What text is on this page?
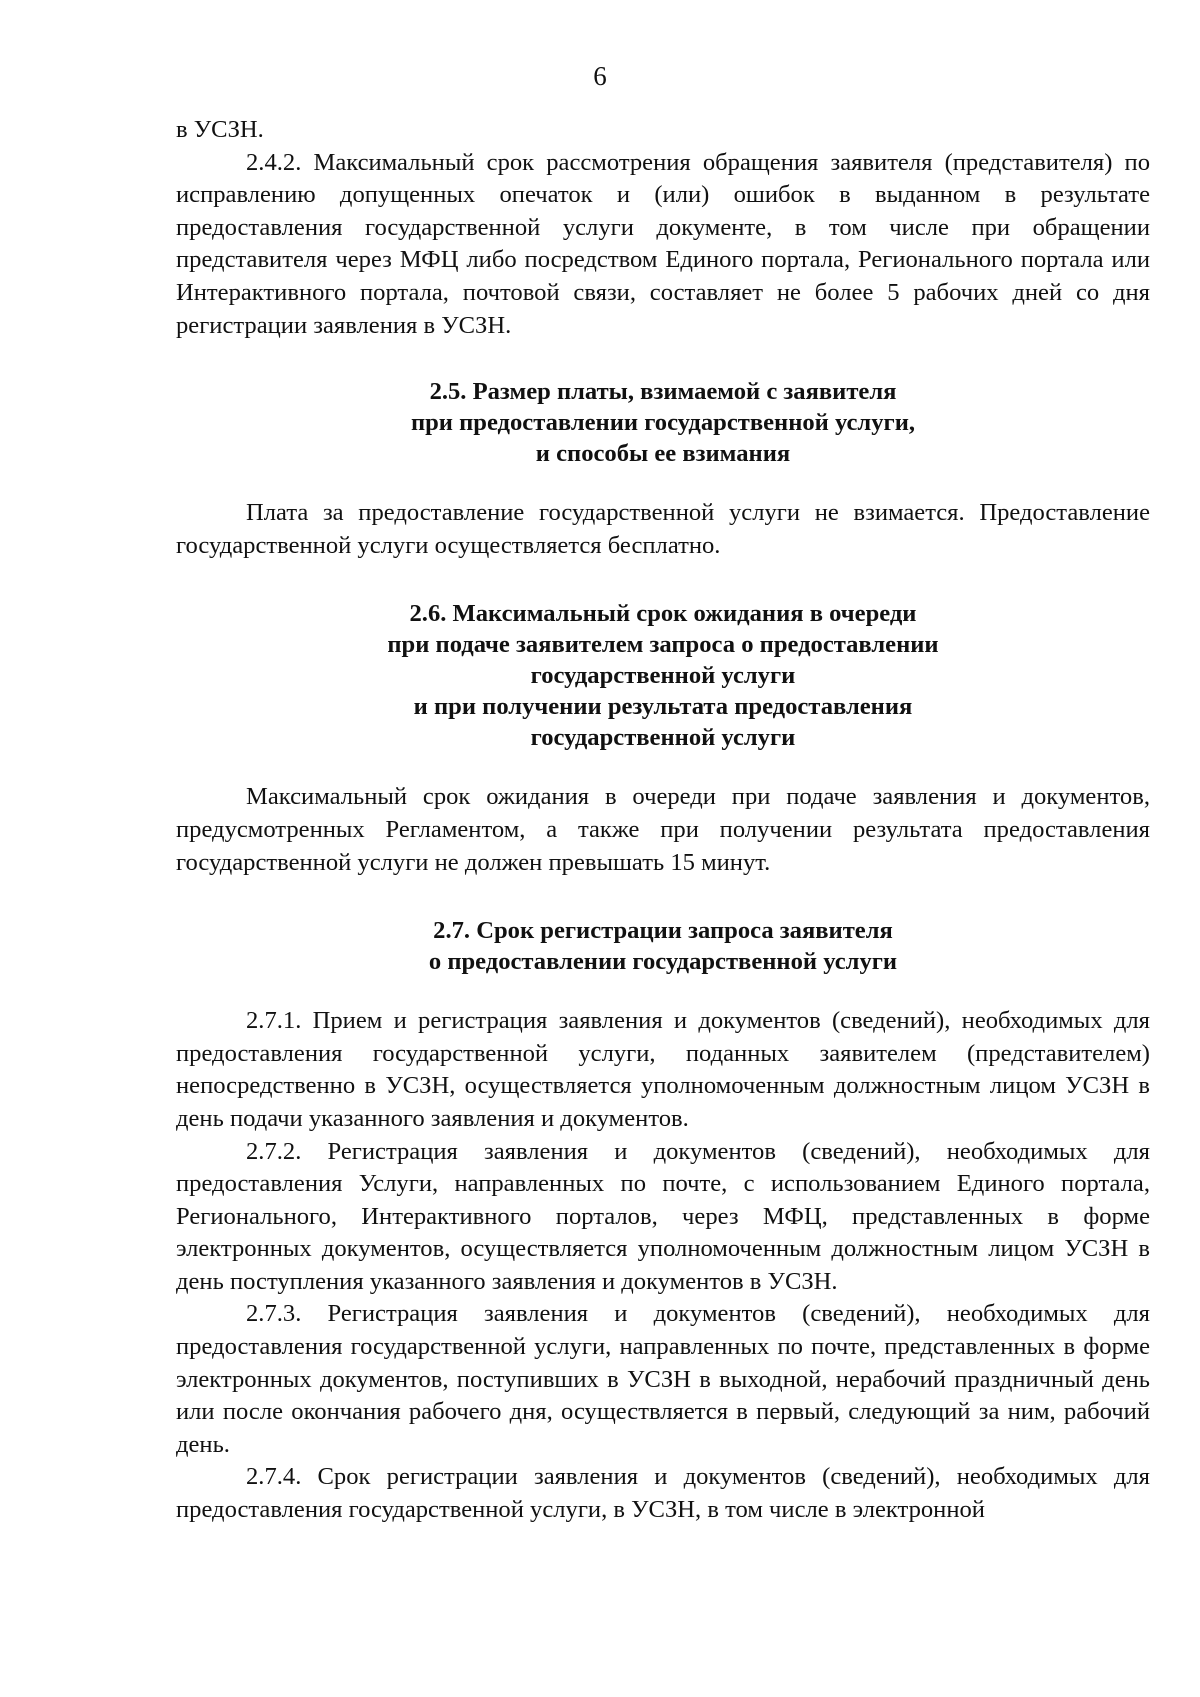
6

в УСЗН.

2.4.2. Максимальный срок рассмотрения обращения заявителя (представителя) по исправлению допущенных опечаток и (или) ошибок в выданном в результате предоставления государственной услуги документе, в том числе при обращении представителя через МФЦ либо посредством Единого портала, Регионального портала или Интерактивного портала, почтовой связи, составляет не более 5 рабочих дней со дня регистрации заявления в УСЗН.

2.5. Размер платы, взимаемой с заявителя
при предоставлении государственной услуги,
и способы ее взимания

Плата за предоставление государственной услуги не взимается. Предоставление государственной услуги осуществляется бесплатно.

2.6. Максимальный срок ожидания в очереди
при подаче заявителем запроса о предоставлении
государственной услуги
и при получении результата предоставления
государственной услуги

Максимальный срок ожидания в очереди при подаче заявления и документов, предусмотренных Регламентом, а также при получении результата предоставления государственной услуги не должен превышать 15 минут.

2.7. Срок регистрации запроса заявителя
о предоставлении государственной услуги

2.7.1. Прием и регистрация заявления и документов (сведений), необходимых для предоставления государственной услуги, поданных заявителем (представителем) непосредственно в УСЗН, осуществляется уполномоченным должностным лицом УСЗН в день подачи указанного заявления и документов.

2.7.2. Регистрация заявления и документов (сведений), необходимых для предоставления Услуги, направленных по почте, с использованием Единого портала, Регионального, Интерактивного порталов, через МФЦ, представленных в форме электронных документов, осуществляется уполномоченным должностным лицом УСЗН в день поступления указанного заявления и документов в УСЗН.

2.7.3. Регистрация заявления и документов (сведений), необходимых для предоставления государственной услуги, направленных по почте, представленных в форме электронных документов, поступивших в УСЗН в выходной, нерабочий праздничный день или после окончания рабочего дня, осуществляется в первый, следующий за ним, рабочий день.

2.7.4. Срок регистрации заявления и документов (сведений), необходимых для предоставления государственной услуги, в УСЗН, в том числе в электронной
